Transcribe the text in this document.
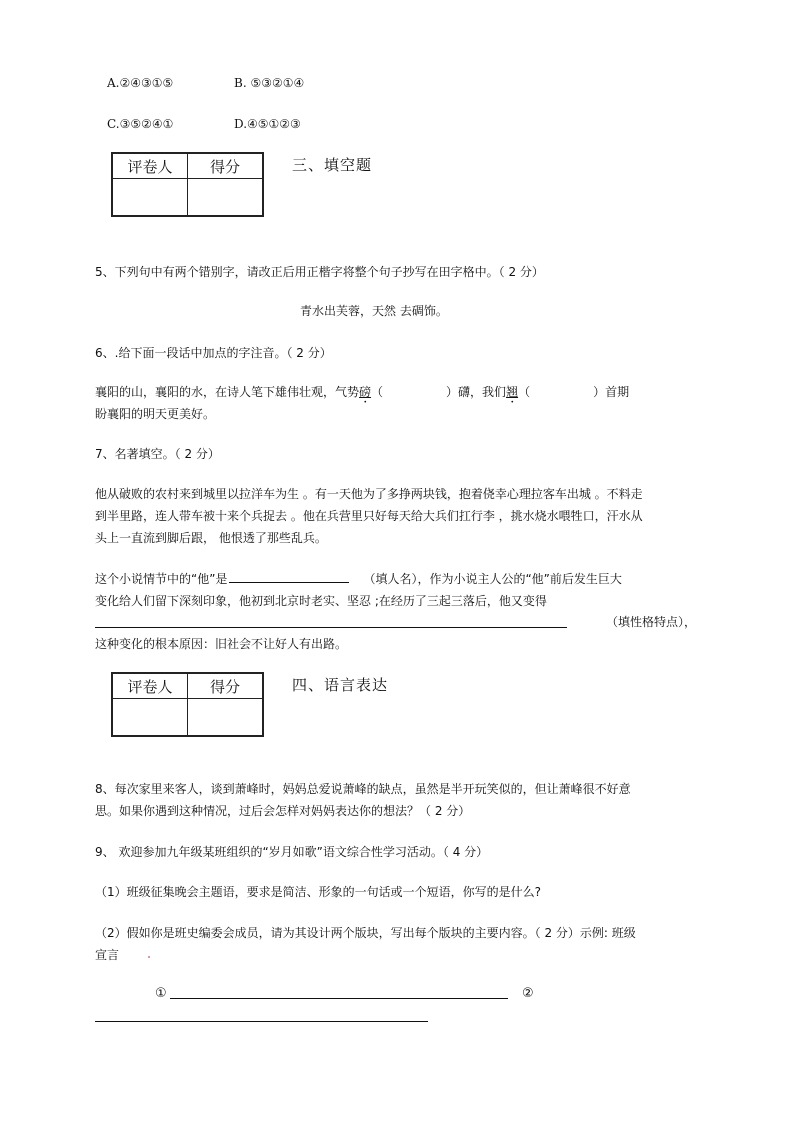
A.②④③①⑤	B. ⑤③②①④
C.③⑤②④①	D.④⑤①②③
评卷人	得分
		三、填空题
5、下列句中有两个错别字，请改正后用正楷字将整个句子抄写在田字格中。（ 2 分）
青水出芙蓉，天然 去碉饰。
6、.给下面一段话中加点的字注音。（ 2 分）
襄阳的山，襄阳的水，在诗人笔下雄伟壮观，气势磅（	）礴，我们翘（	）首期
盼襄阳的明天更美好。
7、名著填空。（ 2 分）
他从破败的农村来到城里以拉洋车为生 。有一天他为了多挣两块钱，抱着侥幸心理拉客车出城 。不料走
到半里路，连人带车被十来个兵捉去 。他在兵营里只好每天给大兵们扛行李 ，挑水烧水喂牲口，汗水从
头上一直流到脚后跟， 他恨透了那些乱兵。
这个小说情节中的“他”是	（填人名），作为小说主人公的“他”前后发生巨大
变化给人们留下深刻印象，他初到北京时老实、坚忍 ;在经历了三起三落后，他又变得
（填性格特点），
这种变化的根本原因：旧社会不让好人有出路。
评卷人	得分
		四、语言表达
8、每次家里来客人，谈到萧峰时，妈妈总爱说萧峰的缺点，虽然是半开玩笑似的，但让萧峰很不好意
思。如果你遇到这种情况，过后会怎样对妈妈表达你的想法？（ 2 分）
9、 欢迎参加九年级某班组织的“岁月如歌”语文综合性学习活动。（ 4 分）
（1）班级征集晚会主题语，要求是简洁、形象的一句话或一个短语，你写的是什么?
（2）假如你是班史编委会成员，请为其设计两个版块，写出每个版块的主要内容。（ 2 分）示例: 班级
宣言
①	②
